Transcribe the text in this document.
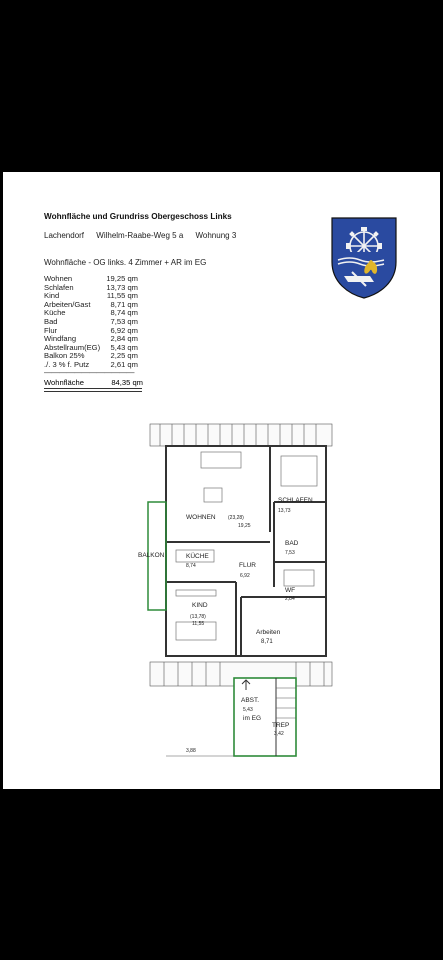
Wohnfläche und Grundriss Obergeschoss Links
Lachendorf Wilhelm-Raabe-Weg 5 a Wohnung 3
Wohnfläche - OG links. 4 Zimmer + AR im EG
Wohnen	19,25 qm
Schlafen	13,73 qm
Kind	11,55 qm
Arbeiten/Gast	8,71 qm
Küche	8,74 qm
Bad	7,53 qm
Flur	6,92 qm
Windfang	2,84 qm
Abstellraum(EG)	5,43 qm
Balkon 25%	2,25 qm
./. 3 % f. Putz	2,61 qm
————————————
Wohnfläche	84,35 qm
WOHNEN (23,28)
19,25
SCHLAFEN
13,73
KÜCHE
8,74
BALKON
FLUR
6,92
BAD
7,53
WF
2,84
KIND
(13,78)
11,55
Arbeiten
8,71
ABST.
5,43
im EG
TREP
3,42
3,88
